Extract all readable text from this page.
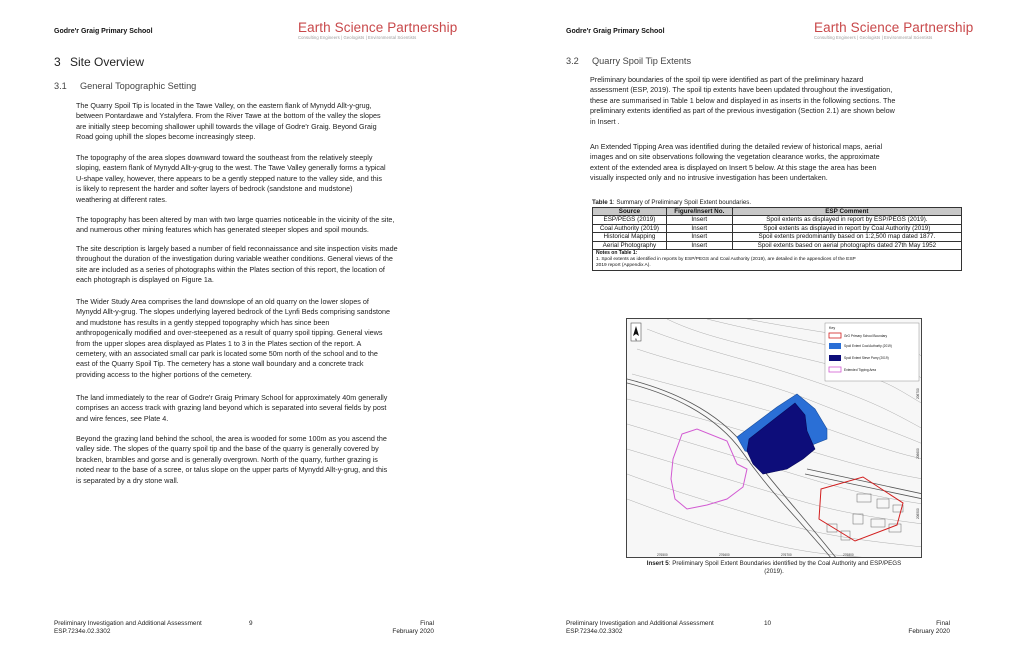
Godre'r Graig Primary School	Earth Science Partnership
Consulting Engineers | Geologists | Environmental Scientists
3 Site Overview
3.1 General Topographic Setting
The Quarry Spoil Tip is located in the Tawe Valley, on the eastern flank of Mynydd Allt-y-grug,
between Pontardawe and Ystalyfera. From the River Tawe at the bottom of the valley the slopes
are initially steep becoming shallower uphill towards the village of Godre'r Graig. Beyond Graig
Road going uphill the slopes become increasingly steep.
The topography of the area slopes downward toward the southeast from the relatively steeply
sloping, eastern flank of Mynydd Allt-y-grug to the west. The Tawe Valley generally forms a typical
U-shape valley, however, there appears to be a gently stepped nature to the valley side, and this
is likely to represent the harder and softer layers of bedrock (sandstone and mudstone)
weathering at different rates.
The topography has been altered by man with two large quarries noticeable in the vicinity of the site,
and numerous other mining features which has generated steeper slopes and spoil mounds.
The site description is largely based a number of field reconnaissance and site inspection visits made
throughout the duration of the investigation during variable weather conditions. General views of the
site are included as a series of photographs within the Plates section of this report, the location of
each photograph is displayed on Figure 1a.
The Wider Study Area comprises the land downslope of an old quarry on the lower slopes of
Mynydd Allt-y-grug. The slopes underlying layered bedrock of the Lynfi Beds comprising sandstone
and mudstone has results in a gently stepped topography which has since been
anthropogenically modified and over-steepened as a result of quarry spoil tipping. General views
from the upper slopes area displayed as Plates 1 to 3 in the Plates section of the report. A
cemetery, with an associated small car park is located some 50m north of the school and to the
east of the Quarry Spoil Tip. The cemetery has a stone wall boundary and a concrete track
providing access to the higher portions of the cemetery.
The land immediately to the rear of Godre'r Graig Primary School for approximately 40m generally
comprises an access track with grazing land beyond which is separated into several fields by post
and wire fences, see Plate 4.
Beyond the grazing land behind the school, the area is wooded for some 100m as you ascend the
valley side. The slopes of the quarry spoil tip and the base of the quarry is generally covered by
bracken, brambles and gorse and is generally overgrown. North of the quarry, further grazing is
noted near to the base of a scree, or talus slope on the upper parts of Mynydd Allt-y-grug, and this
is separated by a dry stone wall.
Preliminary Investigation and Additional Assessment
ESP.7234e.02.3302
9	Final
February 2020
Godre'r Graig Primary School	Earth Science Partnership
Consulting Engineers | Geologists | Environmental Scientists
3.2 Quarry Spoil Tip Extents
Preliminary boundaries of the spoil tip were identified as part of the preliminary hazard
assessment (ESP, 2019). The spoil tip extents have been updated throughout the investigation,
these are summarised in Table 1 below and displayed in as inserts in the following sections. The
preliminary extents identified as part of the previous investigation (Section 2.1) are shown below
in Insert .
An Extended Tipping Area was identified during the detailed review of historical maps, aerial
images and on site observations following the vegetation clearance works, the approximate
extent of the extended area is displayed on Insert 5 below. At this stage the area has been
visually inspected only and no intrusive investigation has been undertaken.
Table 1: Summary of Preliminary Spoil Extent boundaries.
Source	Figure/Insert No.	ESP Comment
ESP/PEGS (2019)	Insert	Spoil extents as displayed in report by ESP/PEGS (2019).
Coal Authority (2019)	Insert	Spoil extents as displayed in report by Coal Authority (2019)
Historical Mapping	Insert	Spoil extents predominantly based on 1:2,500 map dated 1877.
Aerial Photography	Insert	Spoil extents based on aerial photographs dated 27th May 1952

Notes on Table 1:
1. Spoil extents as identified in reports by ESP/PEGS and Coal Authority (2019), are detailed in the appendices of the ESP
2019 report (Appendix A).		
276500	276600	276700	276800
206500
206600
206700
N
Key
GrG Primary School Boundary
Spoil Extent Coal Authority (2019)
Spoil Extent Steve Parry (2019)
Extended Tipping Area
Insert 5: Preliminary Spoil Extent Boundaries identified by the Coal Authority and ESP/PEGS
(2019).
Preliminary Investigation and Additional Assessment
ESP.7234e.02.3302
10	Final
February 2020
